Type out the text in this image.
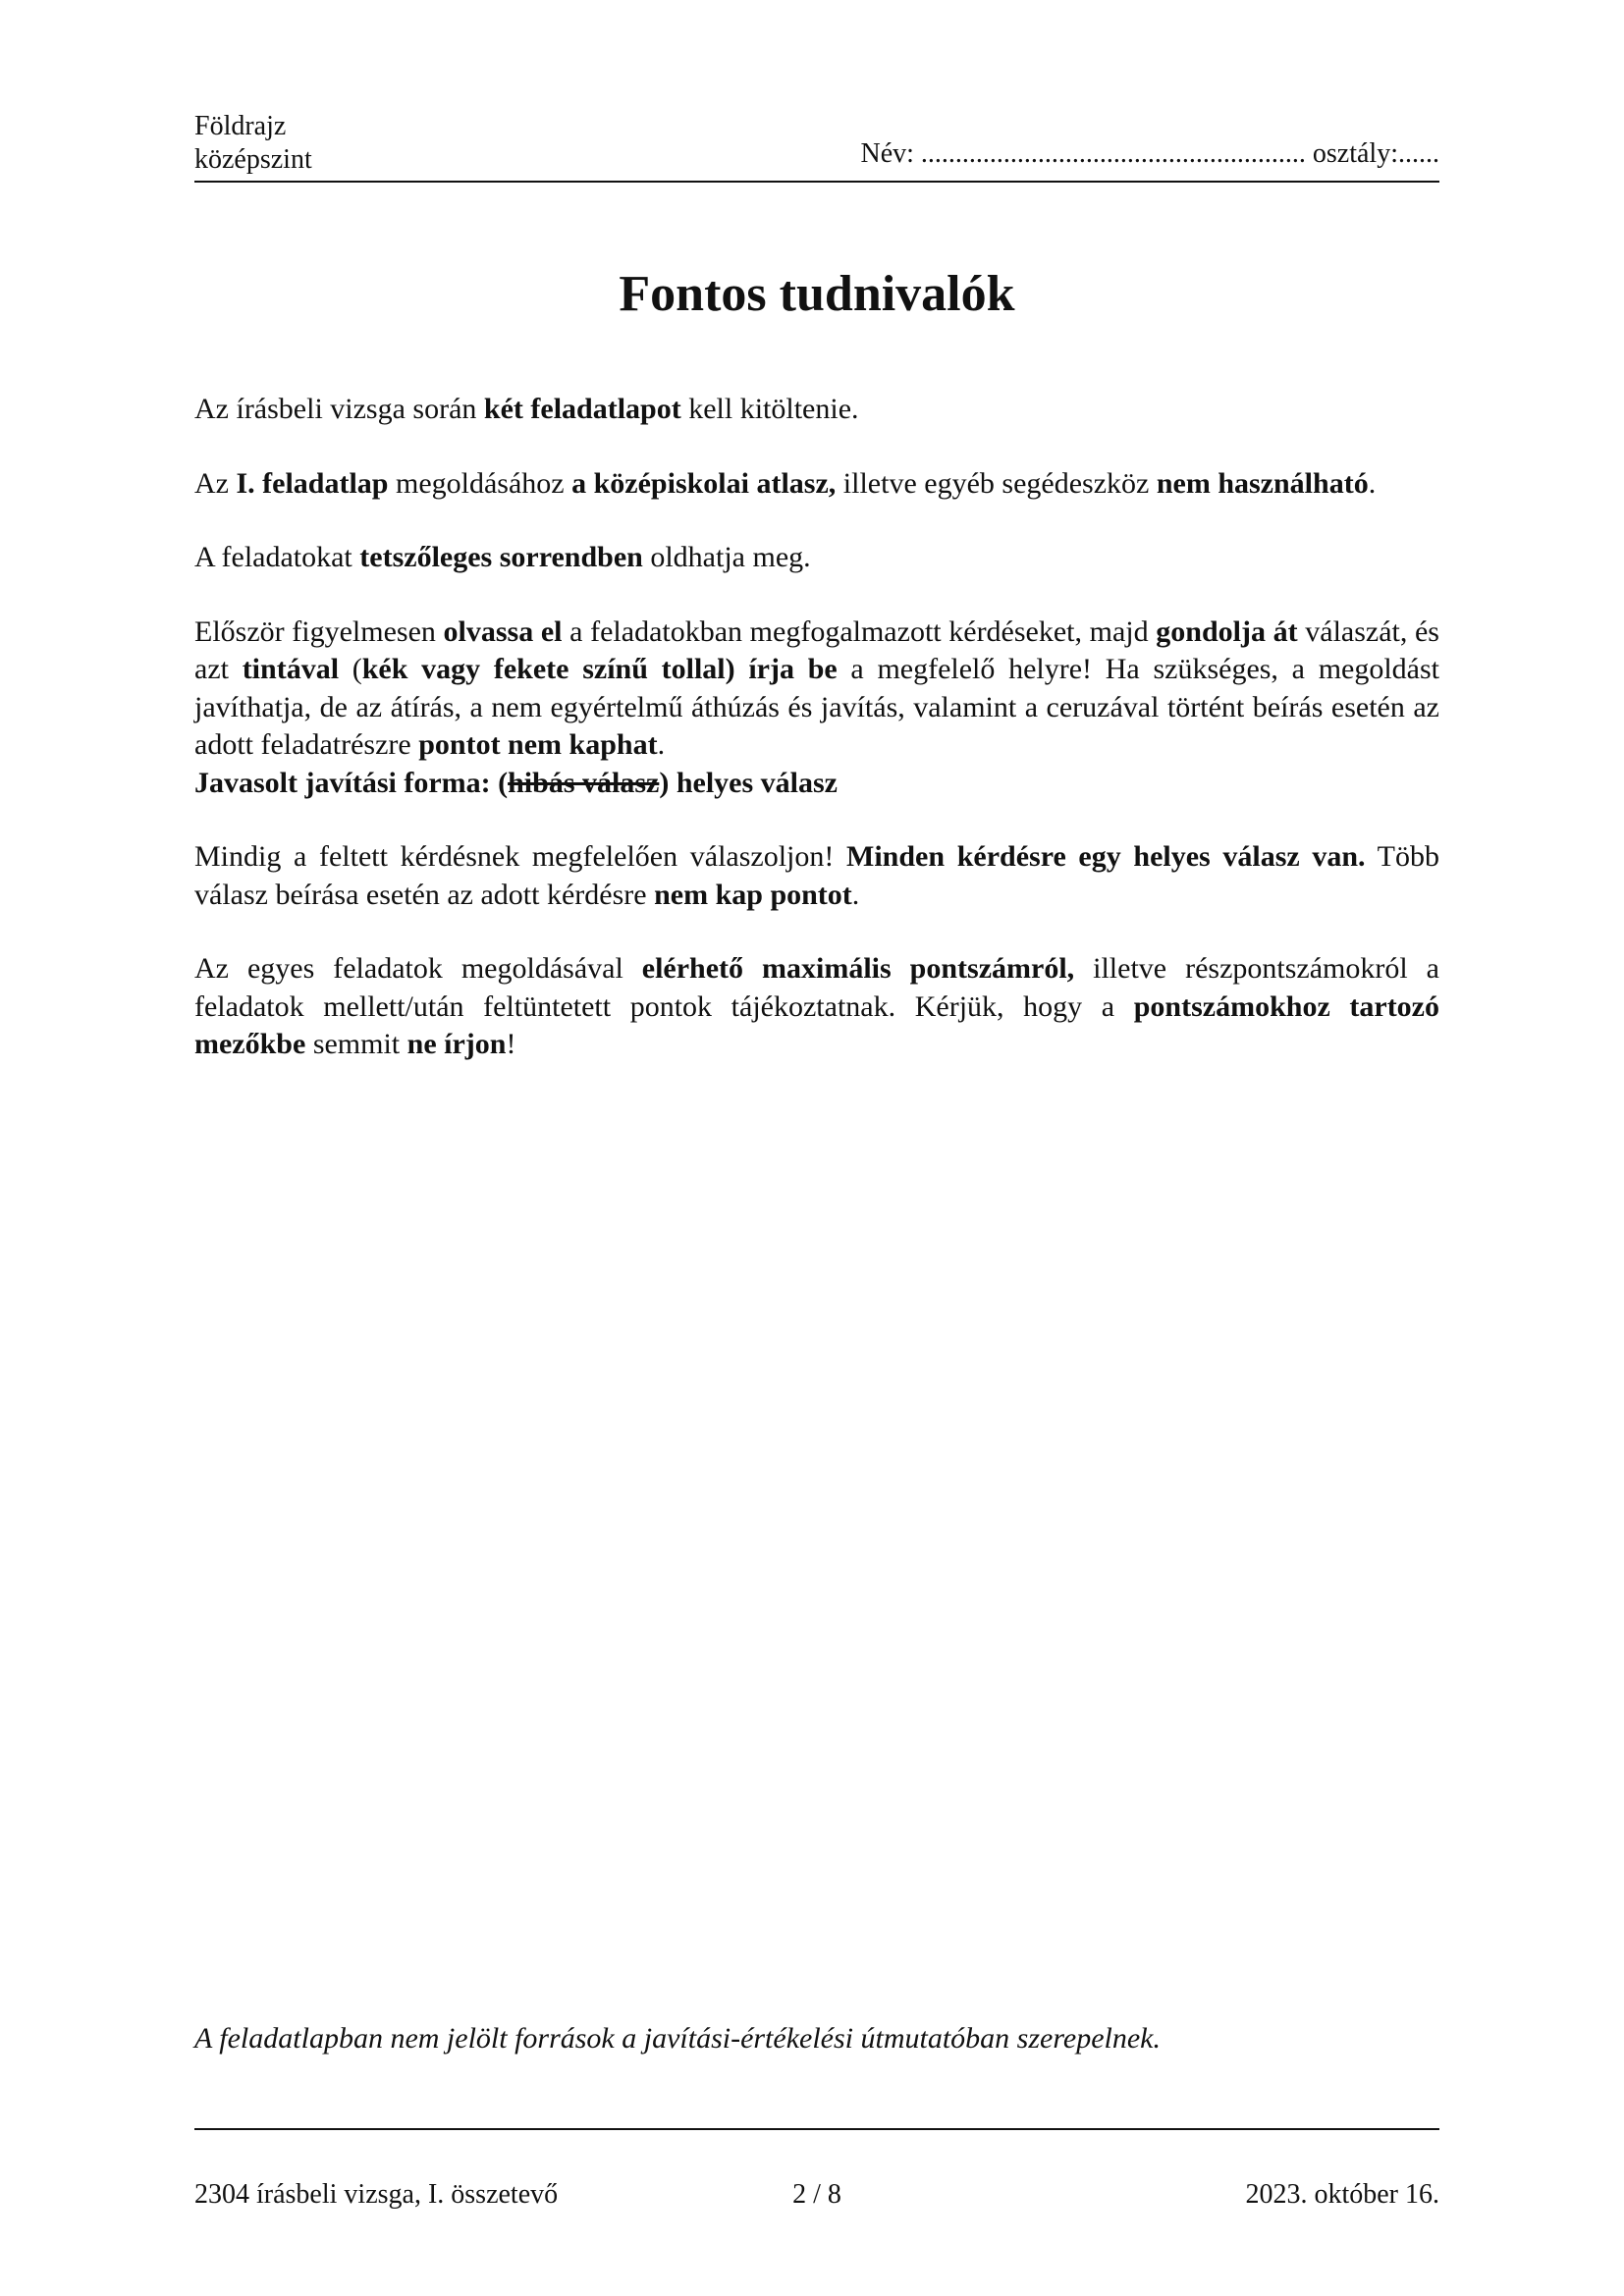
Földrajz
középszint	Név: ........................................................ osztály:......
Fontos tudnivalók

Az írásbeli vizsga során két feladatlapot kell kitöltenie.

Az I. feladatlap megoldásához a középiskolai atlasz, illetve egyéb segédeszköz nem használható.

A feladatokat tetszőleges sorrendben oldhatja meg.

Először figyelmesen olvassa el a feladatokban megfogalmazott kérdéseket, majd gondolja át válaszát, és azt tintával (kék vagy fekete színű tollal) írja be a megfelelő helyre! Ha szükséges, a megoldást javíthatja, de az átírás, a nem egyértelmű áthúzás és javítás, valamint a ceruzával történt beírás esetén az adott feladatrészre pontot nem kaphat.

Javasolt javítási forma: (hibás válasz) helyes válasz

Mindig a feltett kérdésnek megfelelően válaszoljon! Minden kérdésre egy helyes válasz van. Több válasz beírása esetén az adott kérdésre nem kap pontot.

Az egyes feladatok megoldásával elérhető maximális pontszámról, illetve részpontszámokról a feladatok mellett/után feltüntetett pontok tájékoztatnak. Kérjük, hogy a pontszámokhoz tartozó mezőkbe semmit ne írjon!

A feladatlapban nem jelölt források a javítási-értékelési útmutatóban szerepelnek.
2304 írásbeli vizsga, I. összetevő	2 / 8	2023. október 16.
